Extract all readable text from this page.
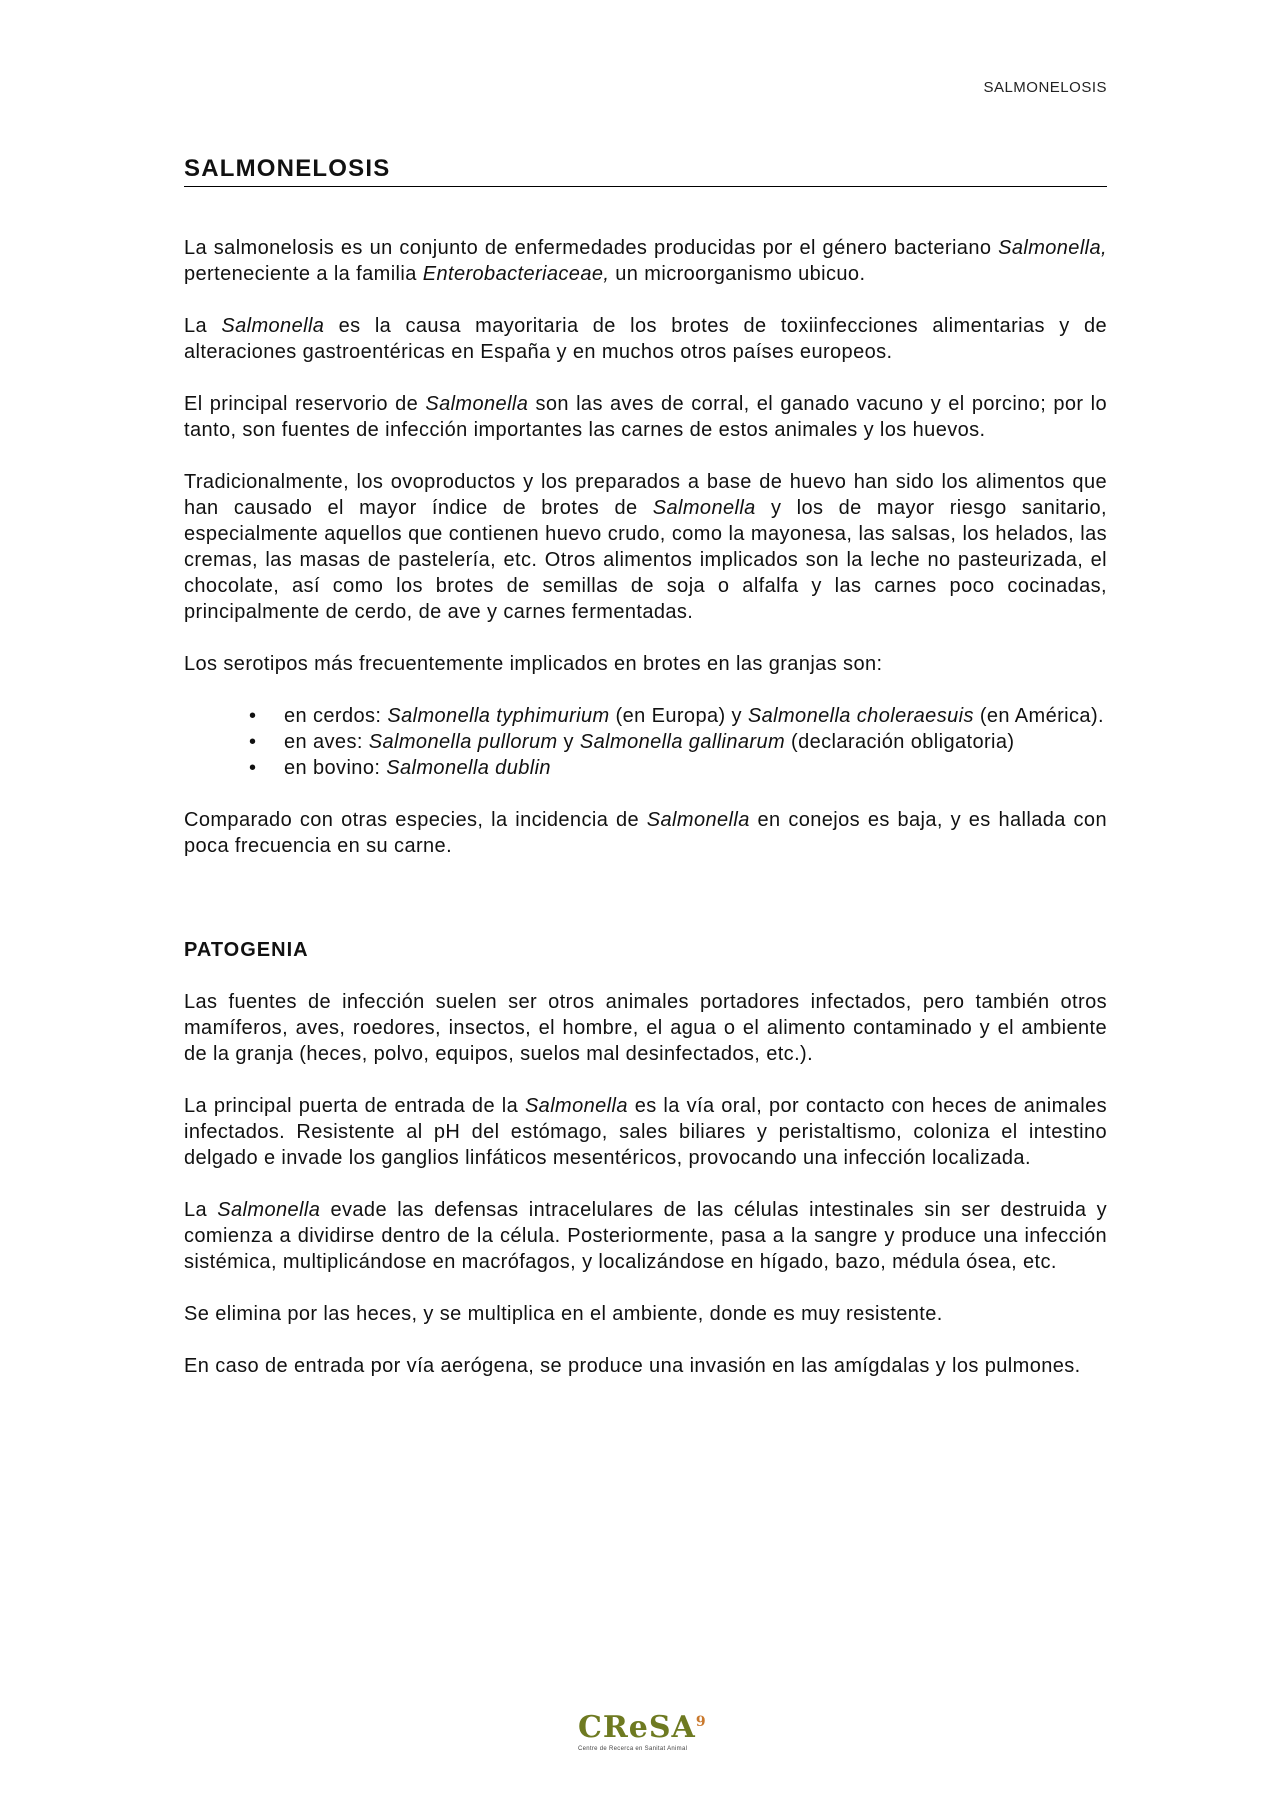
SALMONELOSIS
SALMONELOSIS

La salmonelosis es un conjunto de enfermedades producidas por el género bacteriano Salmonella, perteneciente a la familia Enterobacteriaceae, un microorganismo ubicuo.

La Salmonella es la causa mayoritaria de los brotes de toxiinfecciones alimentarias y de alteraciones gastroentéricas en España y en muchos otros países europeos.

El principal reservorio de Salmonella son las aves de corral, el ganado vacuno y el porcino; por lo tanto, son fuentes de infección importantes las carnes de estos animales y los huevos.

Tradicionalmente, los ovoproductos y los preparados a base de huevo han sido los alimentos que han causado el mayor índice de brotes de Salmonella y los de mayor riesgo sanitario, especialmente aquellos que contienen huevo crudo, como la mayonesa, las salsas, los helados, las cremas, las masas de pastelería, etc. Otros alimentos implicados son la leche no pasteurizada, el chocolate, así como los brotes de semillas de soja o alfalfa y las carnes poco cocinadas, principalmente de cerdo, de ave y carnes fermentadas.

Los serotipos más frecuentemente implicados en brotes en las granjas son:

• en cerdos: Salmonella typhimurium (en Europa) y Salmonella choleraesuis (en América).
• en aves: Salmonella pullorum y Salmonella gallinarum (declaración obligatoria)
• en bovino: Salmonella dublin

Comparado con otras especies, la incidencia de Salmonella en conejos es baja, y es hallada con poca frecuencia en su carne.

PATOGENIA

Las fuentes de infección suelen ser otros animales portadores infectados, pero también otros mamíferos, aves, roedores, insectos, el hombre, el agua o el alimento contaminado y el ambiente de la granja (heces, polvo, equipos, suelos mal desinfectados, etc.).

La principal puerta de entrada de la Salmonella es la vía oral, por contacto con heces de animales infectados. Resistente al pH del estómago, sales biliares y peristaltismo, coloniza el intestino delgado e invade los ganglios linfáticos mesentéricos, provocando una infección localizada.

La Salmonella evade las defensas intracelulares de las células intestinales sin ser destruida y comienza a dividirse dentro de la célula. Posteriormente, pasa a la sangre y produce una infección sistémica, multiplicándose en macrófagos, y localizándose en hígado, bazo, médula ósea, etc.

Se elimina por las heces, y se multiplica en el ambiente, donde es muy resistente.

En caso de entrada por vía aerógena, se produce una invasión en las amígdalas y los pulmones.

CReSA$^9$
Centre de Recerca en Sanitat Animal
